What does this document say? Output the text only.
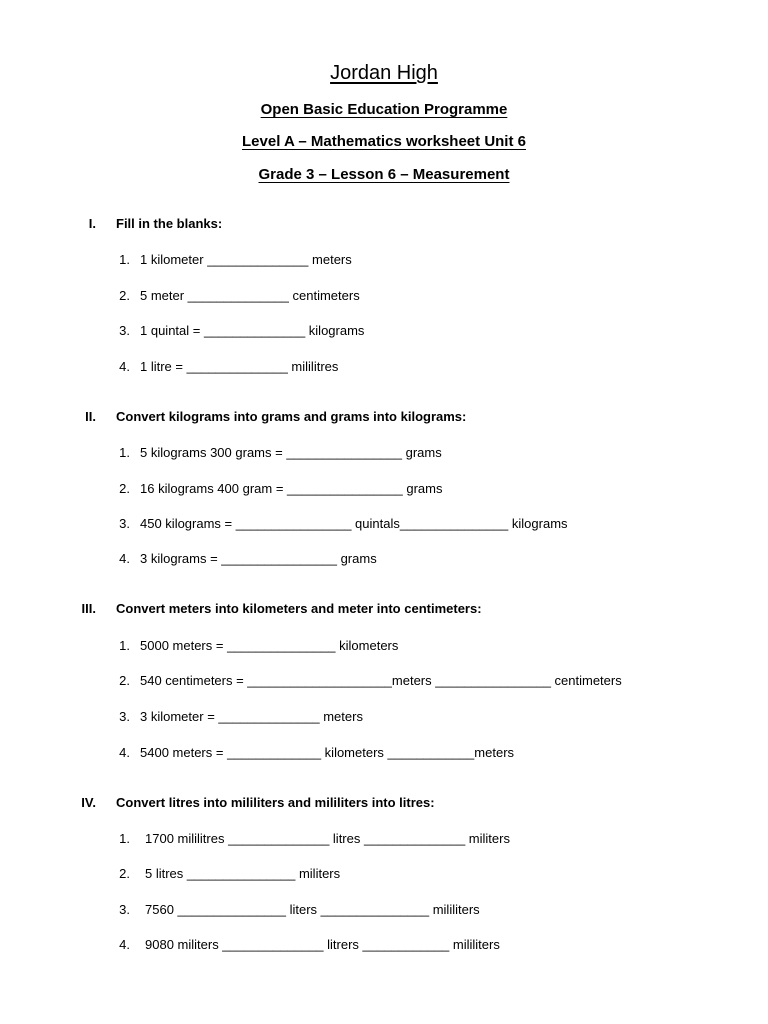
Jordan High
Open Basic Education Programme
Level A – Mathematics worksheet Unit 6
Grade 3 – Lesson 6 – Measurement
I. Fill in the blanks:
1. 1 kilometer ______________ meters
2. 5 meter ______________ centimeters
3. 1 quintal = ______________ kilograms
4. 1 litre = ______________ mililitres
II. Convert kilograms into grams and grams into kilograms:
1. 5 kilograms 300 grams = ________________ grams
2. 16 kilograms 400 gram = ________________ grams
3. 450 kilograms = ________________ quintals_______________ kilograms
4. 3 kilograms = ________________ grams
III. Convert meters into kilometers and meter into centimeters:
1. 5000 meters = _______________ kilometers
2. 540 centimeters = ____________________meters ________________ centimeters
3. 3 kilometer = ______________ meters
4. 5400 meters = _____________ kilometers ____________meters
IV. Convert litres into mililiters and mililiters into litres:
1. 1700 mililitres ______________ litres ______________ militers
2. 5 litres _______________ militers
3. 7560 _______________ liters _______________ mililiters
4. 9080 militers ______________ litrers ____________ mililiters
